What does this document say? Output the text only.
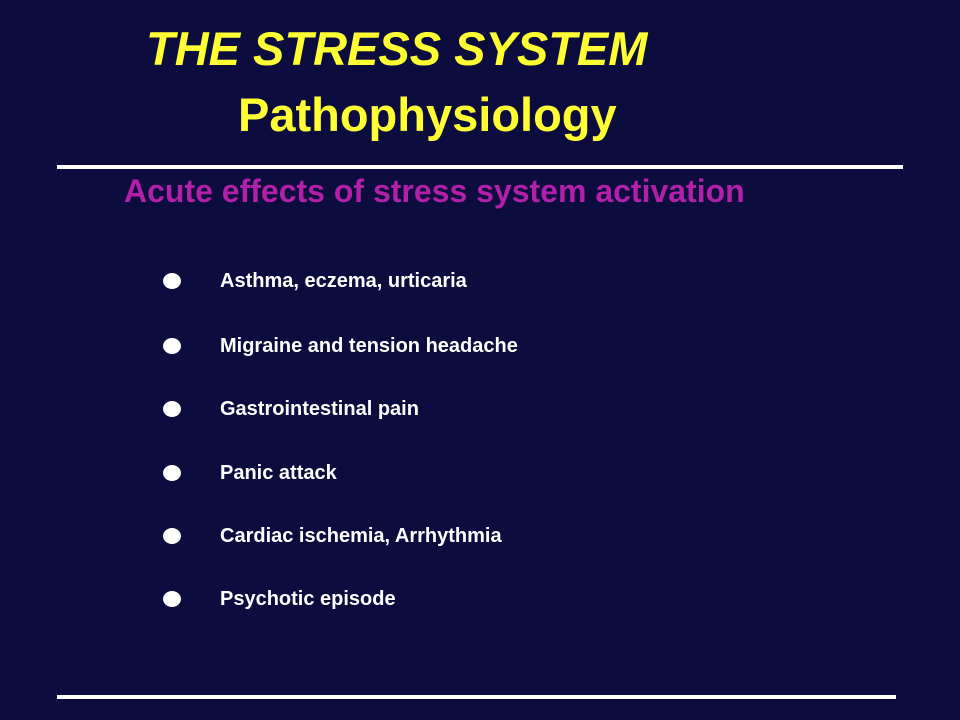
THE STRESS SYSTEM
Pathophysiology
Acute effects of stress system activation
Asthma, eczema, urticaria
Migraine and tension headache
Gastrointestinal pain
Panic attack
Cardiac ischemia, Arrhythmia
Psychotic episode
